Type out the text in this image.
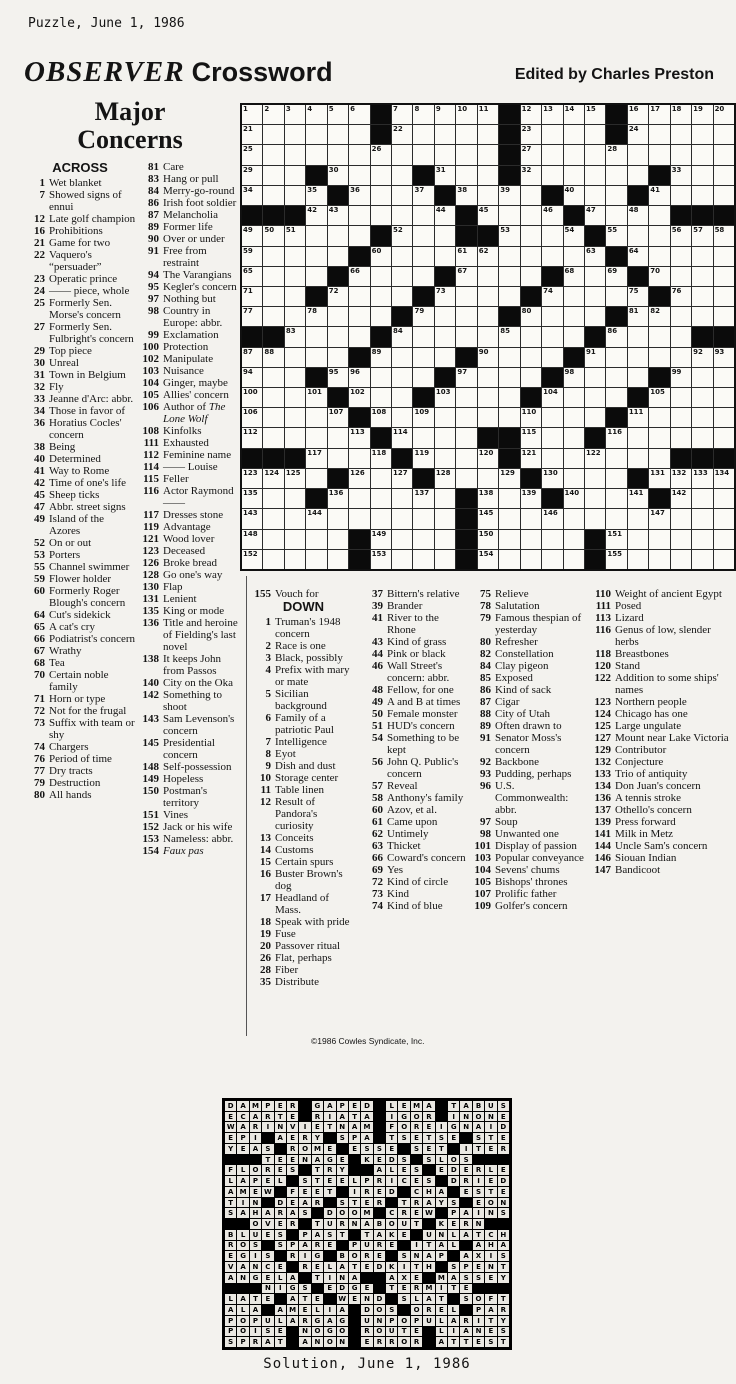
Puzzle, June 1, 1986
OBSERVER Crossword	Edited by Charles Preston
Major
Concerns
ACROSS
1 Wet blanket
7 Showed signs of ennui
12 Late golf champion
16 Prohibitions
21 Game for two
22 Vaquero's “persuader”
23 Operatic prince
24 —— piece, whole
25 Formerly Sen. Morse's concern
27 Formerly Sen. Fulbright's concern
29 Top piece
30 Unreal
31 Town in Belgium
32 Fly
33 Jeanne d'Arc: abbr.
34 Those in favor of
36 Horatius Cocles' concern
38 Being
40 Determined
41 Way to Rome
42 Time of one's life
45 Sheep ticks
47 Abbr. street signs
49 Island of the Azores
52 On or out
53 Porters
55 Channel swimmer
59 Flower holder
60 Formerly Roger Blough's concern
64 Cut's sidekick
65 A cat's cry
66 Podiatrist's concern
67 Wrathy
68 Tea
70 Certain noble family
71 Horn or type
72 Not for the frugal
73 Suffix with team or shy
74 Chargers
76 Period of time
77 Dry tracts
79 Destruction
80 All hands
81 Care
83 Hang or pull
84 Merry-go-round
86 Irish foot soldier
87 Melancholia
89 Former life
90 Over or under
91 Free from restraint
94 The Varangians
95 Kegler's concern
97 Nothing but
98 Country in Europe: abbr.
99 Exclamation
100 Protection
102 Manipulate
103 Nuisance
104 Ginger, maybe
105 Allies' concern
106 Author of The Lone Wolf
108 Kinfolks
111 Exhausted
112 Feminine name
114 —— Louise
115 Feller
116 Actor Raymond ——
117 Dresses stone
119 Advantage
121 Wood lover
123 Deceased
126 Broke bread
128 Go one's way
130 Flap
131 Lenient
135 King or mode
136 Title and heroine of Fielding's last novel
138 It keeps John from Passos
140 City on the Oka
142 Something to shoot
143 Sam Levenson's concern
145 Presidential concern
148 Self-possession
149 Hopeless
150 Postman's territory
151 Vines
152 Jack or his wife
153 Nameless: abbr.
154 Faux pas
1 2 3 4 5 6	7 8 9 10 11	12 13 14 15	16 17 18 19 20
21	22	23	24
25	26	27	28
29	30	31	32	33
34	35	36	37	38	39	40	41
42 43	44	45	46	47	48
49 50 51	52	53	54	55	56 57 58
59	60	61 62	63	64
65	66	67	68	69	70
71	72	73	74	75	76
77	78	79	80	81 82
83	84	85	86
87 88	89	90	91	92 93
94	95 96	97	98	99
100	101	102	103	104	105
106	107	108	109	110	111
112	113	114	115	116
117	118	119	120	121	122
123 124 125	126	127	128	129	130	131 132 133 134
135	136	137	138	139	140	141	142
143	144	145	146	147
148	149	150	151
152	153	154	155
155 Vouch for
DOWN
1 Truman's 1948 concern
2 Race is one
3 Black, possibly
4 Prefix with mary or mate
5 Sicilian background
6 Family of a patriotic Paul
7 Intelligence
8 Eyot
9 Dish and dust
10 Storage center
11 Table linen
12 Result of Pandora's curiosity
13 Conceits
14 Customs
15 Certain spurs
16 Buster Brown's dog
17 Headland of Mass.
18 Speak with pride
19 Fuse
20 Passover ritual
26 Flat, perhaps
28 Fiber
35 Distribute
37 Bittern's relative
39 Brander
41 River to the Rhone
43 Kind of grass
44 Pink or black
46 Wall Street's concern: abbr.
48 Fellow, for one
49 A and B at times
50 Female monster
51 HUD's concern
54 Something to be kept
56 John Q. Public's concern
57 Reveal
58 Anthony's family
60 Azov, et al.
61 Came upon
62 Untimely
63 Thicket
66 Coward's concern
69 Yes
72 Kind of circle
73 Kind
74 Kind of blue
75 Relieve
78 Salutation
79 Famous thespian of yesterday
80 Refresher
82 Constellation
84 Clay pigeon
85 Exposed
86 Kind of sack
87 Cigar
88 City of Utah
89 Often drawn to
91 Senator Moss's concern
92 Backbone
93 Pudding, perhaps
96 U.S. Commonwealth: abbr.
97 Soup
98 Unwanted one
101 Display of passion
103 Popular conveyance
104 Sevens' chums
105 Bishops' thrones
107 Prolific father
109 Golfer's concern
110 Weight of ancient Egypt
111 Posed
113 Lizard
116 Genus of low, slender herbs
118 Breastbones
120 Stand
122 Addition to some ships' names
123 Northern people
124 Chicago has one
125 Large ungulate
127 Mount near Lake Victoria
129 Contributor
132 Conjecture
133 Trio of antiquity
134 Don Juan's concern
136 A tennis stroke
137 Othello's concern
139 Press forward
141 Milk in Metz
144 Uncle Sam's concern
146 Siouan Indian
147 Bandicoot
©1986 Cowles Syndicate, Inc.
D A M P	E	R	G A	P	E	D	L	E M A	T	A	B U	S
E	C	A R	T	E	R	I	A	T	A	I	G O R	I	N O N	E
W A R	I	N V	I	E	T	N A M	F	O R	E	I	G N A	I	D
E	P	I	A	E	R	Y	S	P	A	T	S	E	T	S	E	S	T	E
Y	E	A	S	R O M E	E	S	S	E	S	E	T	I	T	E	R
T	E	E	N A G	E	K	E	D S	S	L	O S
F	L	O R	E	S	T	R	Y	A	L	E	S	E	D	E	R	L	E
L	A	P	E	L	S	T	E	E	L	P	R	I	C	E	S	D R	I	E	D
A M E W	F	E	E	T	I	R	E	D	C H A	E	S	T	E
T	I	N	D	E	A R	S	T	E	R	T	R A	Y	S	E	O N
S	A H A R A	S	D O O M	C	R	E W	P	A	I	N S
O V	E	R	T	U R N A	B O U	T	K	E	R N
B	L	U	E	S	P	A	S	T	T	A K	E	U N	L	A	T	C H
R O S	S	P	A R	E	P U R	E	I	T	A	L	A H A
E	G	I	S	R	I	G	B O R	E	S N A	P	A X	I	S
V A N C	E	R	E	L	A	T	E	D K	I	T	H	S	P	E	N	T
A N G	E	L	A	T	I	N A	A X	E	M A	S	S	E	Y
N	I	G	S	E	D G	E	T	E	R M	I	T	E
L	A	T	E	A	T	E	W E	N D	S	L	A	T	S O	F	T
A	L	A	A M E	L	I	A	D O S	O R	E	L	P	A R
P O P U	L	A R G A G	U N P O P U	L	A R	I	T	Y
P O	I	S	E	N O G O	R O U	T	E	L	I	A N	E	S
S	P	R A	T	A N O N	E	R	R O R	A	T	T	E	S	T
Solution, June 1, 1986
